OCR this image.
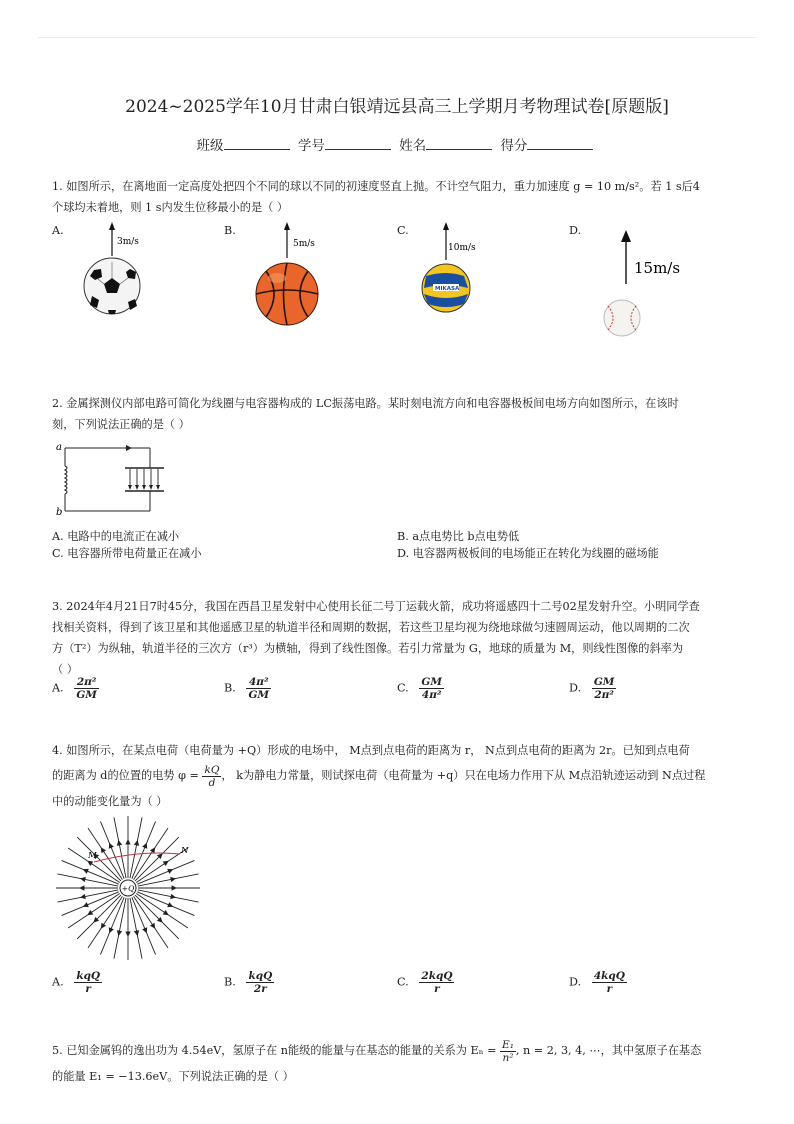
2024~2025学年10月甘肃白银靖远县高三上学期月考物理试卷[原题版]
班级	学号	姓名	得分
1. 如图所示，在离地面一定高度处把四个不同的球以不同的初速度竖直上抛。不计空气阻力，重力加速度 g = 10 m/s²。若 1 s后4
个球均未着地，则 1 s内发生位移最小的是（ ）
A.	B.	C.	D.
3m/s	5m/s	10m/s
MIKASA
15m/s
2. 金属探测仪内部电路可简化为线圈与电容器构成的 LC振荡电路。某时刻电流方向和电容器极板间电场方向如图所示，在该时
刻，下列说法正确的是（ ）
a
b
A. 电路中的电流正在减小	B. a点电势比 b点电势低
C. 电容器所带电荷量正在减小	D. 电容器两极板间的电场能正在转化为线圈的磁场能
3. 2024年4月21日7时45分，我国在西昌卫星发射中心使用长征二号丁运载火箭，成功将遥感四十二号02星发射升空。小明同学查
找相关资料，得到了该卫星和其他遥感卫星的轨道半径和周期的数据，若这些卫星均视为绕地球做匀速圆周运动，他以周期的二次
方（T²）为纵轴，轨道半径的三次方（r³）为横轴，得到了线性图像。若引力常量为 G，地球的质量为 M，则线性图像的斜率为
（ ）
A. $\frac{\text{2π²}}{GM}$	B. $\frac{\text{4π²}}{GM}$	C. $\frac{GM}{\text{4π²}}$	D. $\frac{GM}{\text{2π²}}$
4. 如图所示，在某点电荷（电荷量为 +Q）形成的电场中， M点到点电荷的距离为 r， N点到点电荷的距离为 2r。已知到点电荷
的距离为 d的位置的电势 $\varphi = \frac{kQ}{d}$ ， k为静电力常量，则试探电荷（电荷量为 +q）只在电场力作用下从 M点沿轨迹运动到 N点过程
中的动能变化量为（ ）
M	N
+Q
A. $\frac{\text{kqQ}}{r}$	B. $\frac{\text{kqQ}}{2r}$	C. $\frac{\text{2kqQ}}{r}$	D. $\frac{\text{4kqQ}}{r}$
5. 已知金属钨的逸出功为 4.54eV，氢原子在 n能级的能量与在基态的能量的关系为 $E_n = \frac{\text{E₁}}{\text{n²}}$ , n = 2, 3, 4, ⋯，其中氢原子在基态
的能量 E₁ = −13.6eV。下列说法正确的是（ ）
